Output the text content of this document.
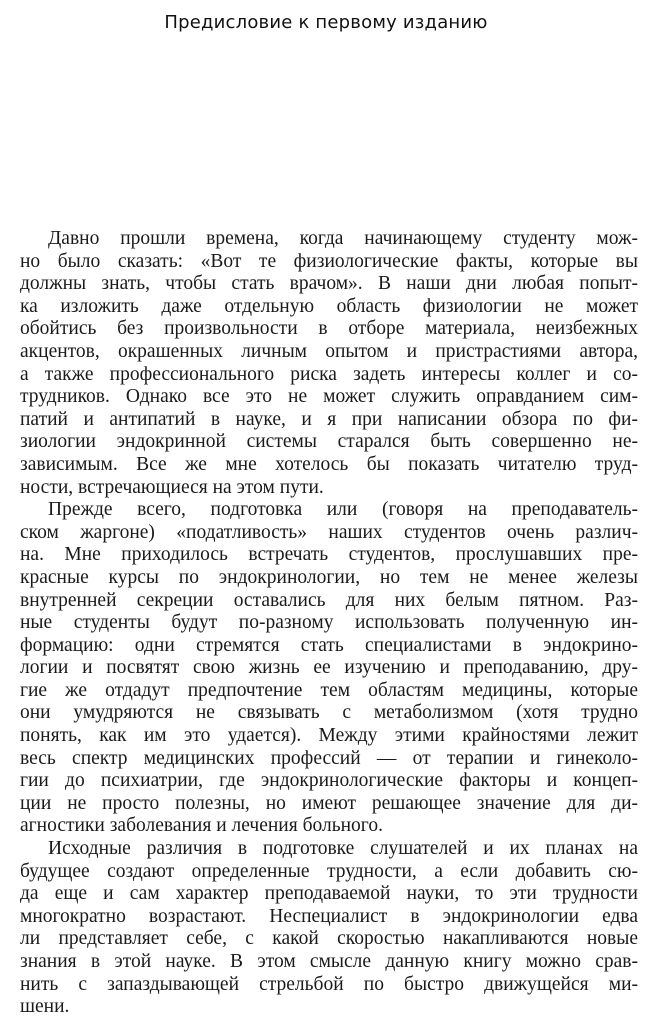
Предисловие к первому изданию

Давно прошли времена, когда начинающему студенту мож-
но было сказать: «Вот те физиологические факты, которые вы
должны знать, чтобы стать врачом». В наши дни любая попыт-
ка изложить даже отдельную область физиологии не может
обойтись без произвольности в отборе материала, неизбежных
акцентов, окрашенных личным опытом и пристрастиями автора,
а также профессионального риска задеть интересы коллег и со-
трудников. Однако все это не может служить оправданием сим-
патий и антипатий в науке, и я при написании обзора по фи-
зиологии эндокринной системы старался быть совершенно не-
зависимым. Все же мне хотелось бы показать читателю труд-
ности, встречающиеся на этом пути.

Прежде всего, подготовка или (говоря на преподаватель-
ском жаргоне) «податливость» наших студентов очень различ-
на. Мне приходилось встречать студентов, прослушавших пре-
красные курсы по эндокринологии, но тем не менее железы
внутренней секреции оставались для них белым пятном. Раз-
ные студенты будут по-разному использовать полученную ин-
формацию: одни стремятся стать специалистами в эндокрино-
логии и посвятят свою жизнь ее изучению и преподаванию, дру-
гие же отдадут предпочтение тем областям медицины, которые
они умудряются не связывать с метаболизмом (хотя трудно
понять, как им это удается). Между этими крайностями лежит
весь спектр медицинских профессий — от терапии и гинеколо-
гии до психиатрии, где эндокринологические факторы и концеп-
ции не просто полезны, но имеют решающее значение для ди-
агностики заболевания и лечения больного.

Исходные различия в подготовке слушателей и их планах на
будущее создают определенные трудности, а если добавить сю-
да еще и сам характер преподаваемой науки, то эти трудности
многократно возрастают. Неспециалист в эндокринологии едва
ли представляет себе, с какой скоростью накапливаются новые
знания в этой науке. В этом смысле данную книгу можно срав-
нить с запаздывающей стрельбой по быстро движущейся ми-
шени.
